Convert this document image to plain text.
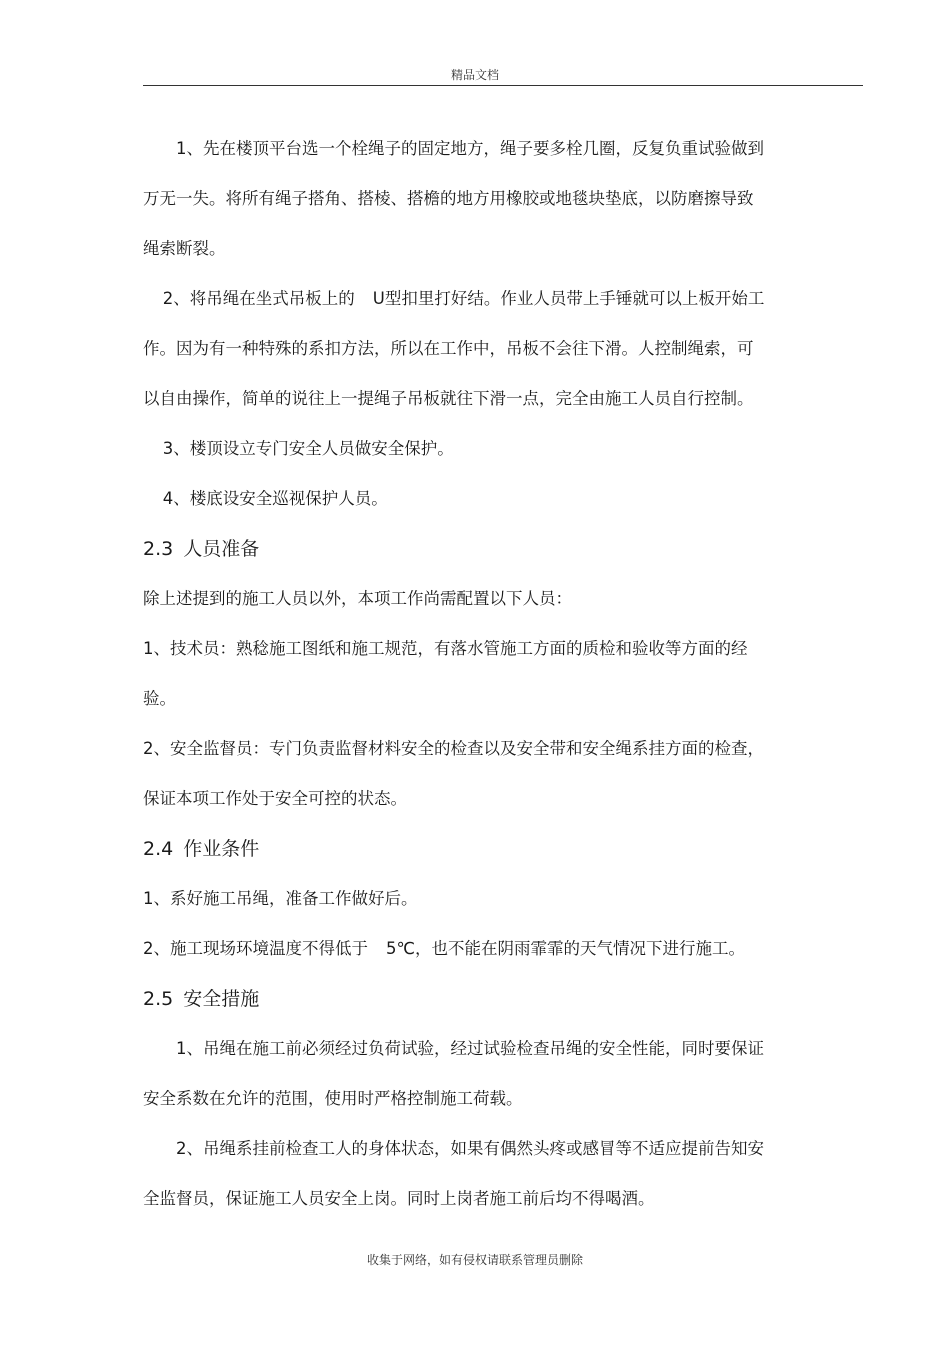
精品文档

1、先在楼顶平台选一个栓绳子的固定地方，绳子要多栓几圈，反复负重试验做到

万无一失。将所有绳子搭角、搭棱、搭檐的地方用橡胶或地毯块垫底，以防磨擦导致

绳索断裂。

2、将吊绳在坐式吊板上的 U型扣里打好结。作业人员带上手锤就可以上板开始工

作。因为有一种特殊的系扣方法，所以在工作中，吊板不会往下滑。人控制绳索，可

以自由操作，简单的说往上一提绳子吊板就往下滑一点，完全由施工人员自行控制。

3、楼顶设立专门安全人员做安全保护。

4、楼底设安全巡视保护人员。

2.3 人员准备

除上述提到的施工人员以外，本项工作尚需配置以下人员：

1、技术员：熟稔施工图纸和施工规范，有落水管施工方面的质检和验收等方面的经

验。

2、安全监督员：专门负责监督材料安全的检查以及安全带和安全绳系挂方面的检查，

保证本项工作处于安全可控的状态。

2.4 作业条件

1、系好施工吊绳，准备工作做好后。

2、施工现场环境温度不得低于 5℃，也不能在阴雨霏霏的天气情况下进行施工。

2.5 安全措施

1、吊绳在施工前必须经过负荷试验，经过试验检查吊绳的安全性能，同时要保证

安全系数在允许的范围，使用时严格控制施工荷载。

2、吊绳系挂前检查工人的身体状态，如果有偶然头疼或感冒等不适应提前告知安

全监督员，保证施工人员安全上岗。同时上岗者施工前后均不得喝酒。

收集于网络，如有侵权请联系管理员删除
